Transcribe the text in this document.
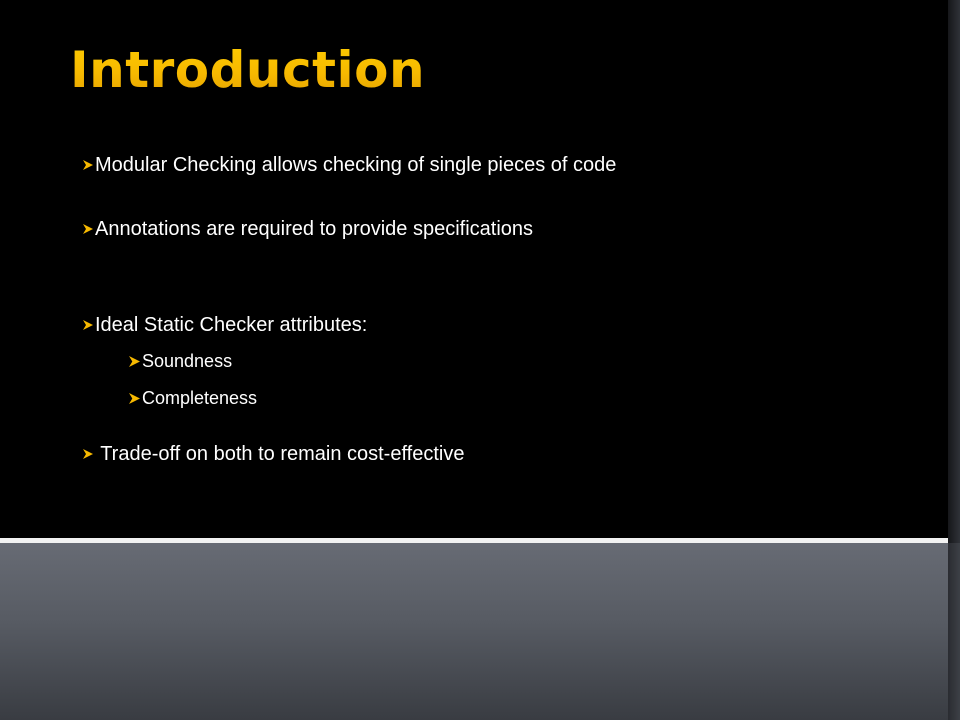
Introduction
Modular Checking allows checking of single pieces of code
Annotations are required to provide specifications
Ideal Static Checker attributes:
Soundness
Completeness
Trade-off on both to remain cost-effective
